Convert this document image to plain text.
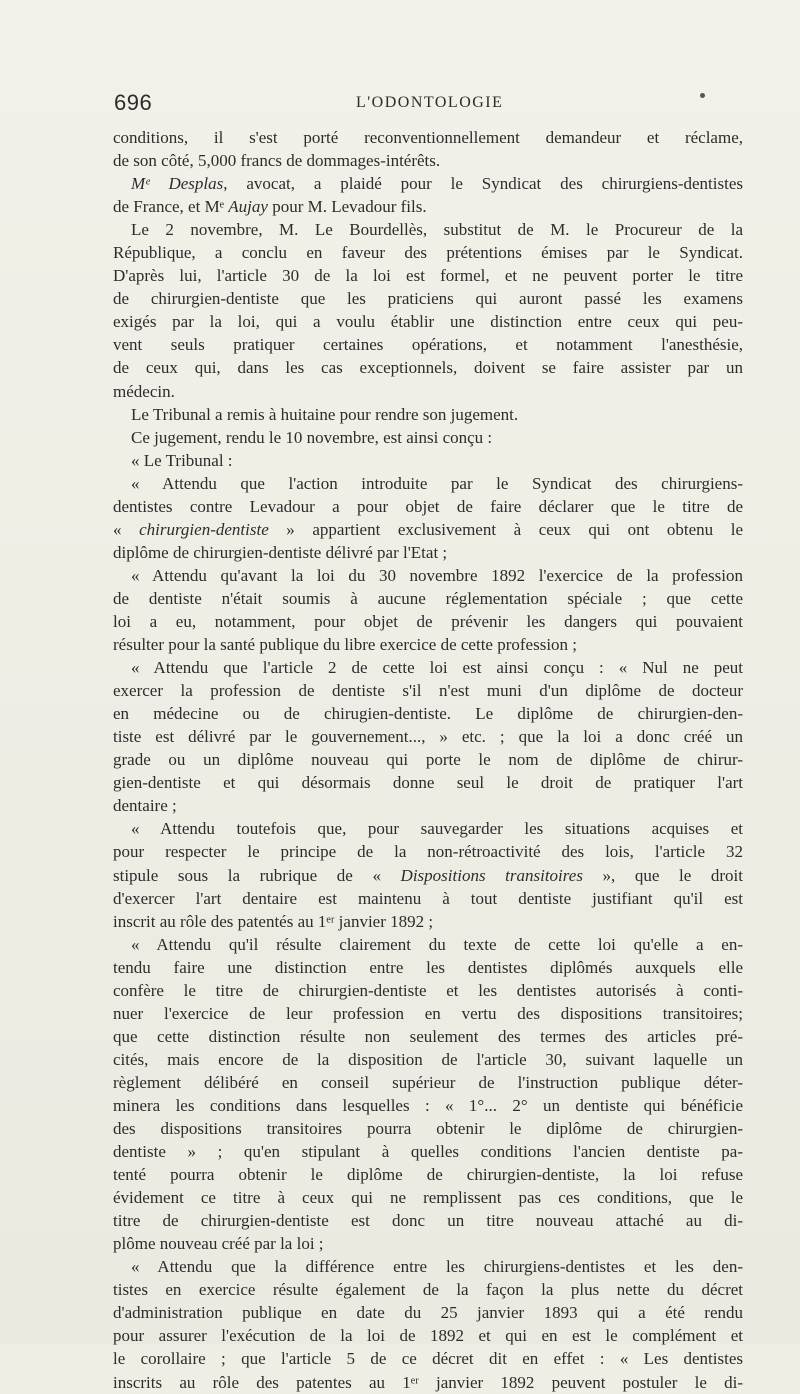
696	L'ODONTOLOGIE
conditions, il s'est porté reconventionnellement demandeur et réclame,
de son côté, 5,000 francs de dommages-intérêts.
Mᵉ Desplas, avocat, a plaidé pour le Syndicat des chirurgiens-dentistes
de France, et Mᵉ Aujay pour M. Levadour fils.
Le 2 novembre, M. Le Bourdellès, substitut de M. le Procureur de la
République, a conclu en faveur des prétentions émises par le Syndicat.
D'après lui, l'article 30 de la loi est formel, et ne peuvent porter le titre
de chirurgien-dentiste que les praticiens qui auront passé les examens
exigés par la loi, qui a voulu établir une distinction entre ceux qui peu-
vent seuls pratiquer certaines opérations, et notamment l'anesthésie,
de ceux qui, dans les cas exceptionnels, doivent se faire assister par un
médecin.
Le Tribunal a remis à huitaine pour rendre son jugement.
Ce jugement, rendu le 10 novembre, est ainsi conçu :
« Le Tribunal :
« Attendu que l'action introduite par le Syndicat des chirurgiens-
dentistes contre Levadour a pour objet de faire déclarer que le titre de
« chirurgien-dentiste » appartient exclusivement à ceux qui ont obtenu le
diplôme de chirurgien-dentiste délivré par l'Etat ;
« Attendu qu'avant la loi du 30 novembre 1892 l'exercice de la profession
de dentiste n'était soumis à aucune réglementation spéciale ; que cette
loi a eu, notamment, pour objet de prévenir les dangers qui pouvaient
résulter pour la santé publique du libre exercice de cette profession ;
« Attendu que l'article 2 de cette loi est ainsi conçu : « Nul ne peut
exercer la profession de dentiste s'il n'est muni d'un diplôme de docteur
en médecine ou de chirugien-dentiste. Le diplôme de chirurgien-den-
tiste est délivré par le gouvernement..., » etc. ; que la loi a donc créé un
grade ou un diplôme nouveau qui porte le nom de diplôme de chirur-
gien-dentiste et qui désormais donne seul le droit de pratiquer l'art
dentaire ;
« Attendu toutefois que, pour sauvegarder les situations acquises et
pour respecter le principe de la non-rétroactivité des lois, l'article 32
stipule sous la rubrique de « Dispositions transitoires », que le droit
d'exercer l'art dentaire est maintenu à tout dentiste justifiant qu'il est
inscrit au rôle des patentés au 1ᵉʳ janvier 1892 ;
« Attendu qu'il résulte clairement du texte de cette loi qu'elle a en-
tendu faire une distinction entre les dentistes diplômés auxquels elle
confère le titre de chirurgien-dentiste et les dentistes autorisés à conti-
nuer l'exercice de leur profession en vertu des dispositions transitoires;
que cette distinction résulte non seulement des termes des articles pré-
cités, mais encore de la disposition de l'article 30, suivant laquelle un
règlement délibéré en conseil supérieur de l'instruction publique déter-
minera les conditions dans lesquelles : « 1°... 2° un dentiste qui bénéficie
des dispositions transitoires pourra obtenir le diplôme de chirurgien-
dentiste » ; qu'en stipulant à quelles conditions l'ancien dentiste pa-
tenté pourra obtenir le diplôme de chirurgien-dentiste, la loi refuse
évidement ce titre à ceux qui ne remplissent pas ces conditions, que le
titre de chirurgien-dentiste est donc un titre nouveau attaché au di-
plôme nouveau créé par la loi ;
« Attendu que la différence entre les chirurgiens-dentistes et les den-
tistes en exercice résulte également de la façon la plus nette du décret
d'administration publique en date du 25 janvier 1893 qui a été rendu
pour assurer l'exécution de la loi de 1892 et qui en est le complément et
le corollaire ; que l'article 5 de ce décret dit en effet : « Les dentistes
inscrits au rôle des patentes au 1ᵉʳ janvier 1892 peuvent postuler le di-
